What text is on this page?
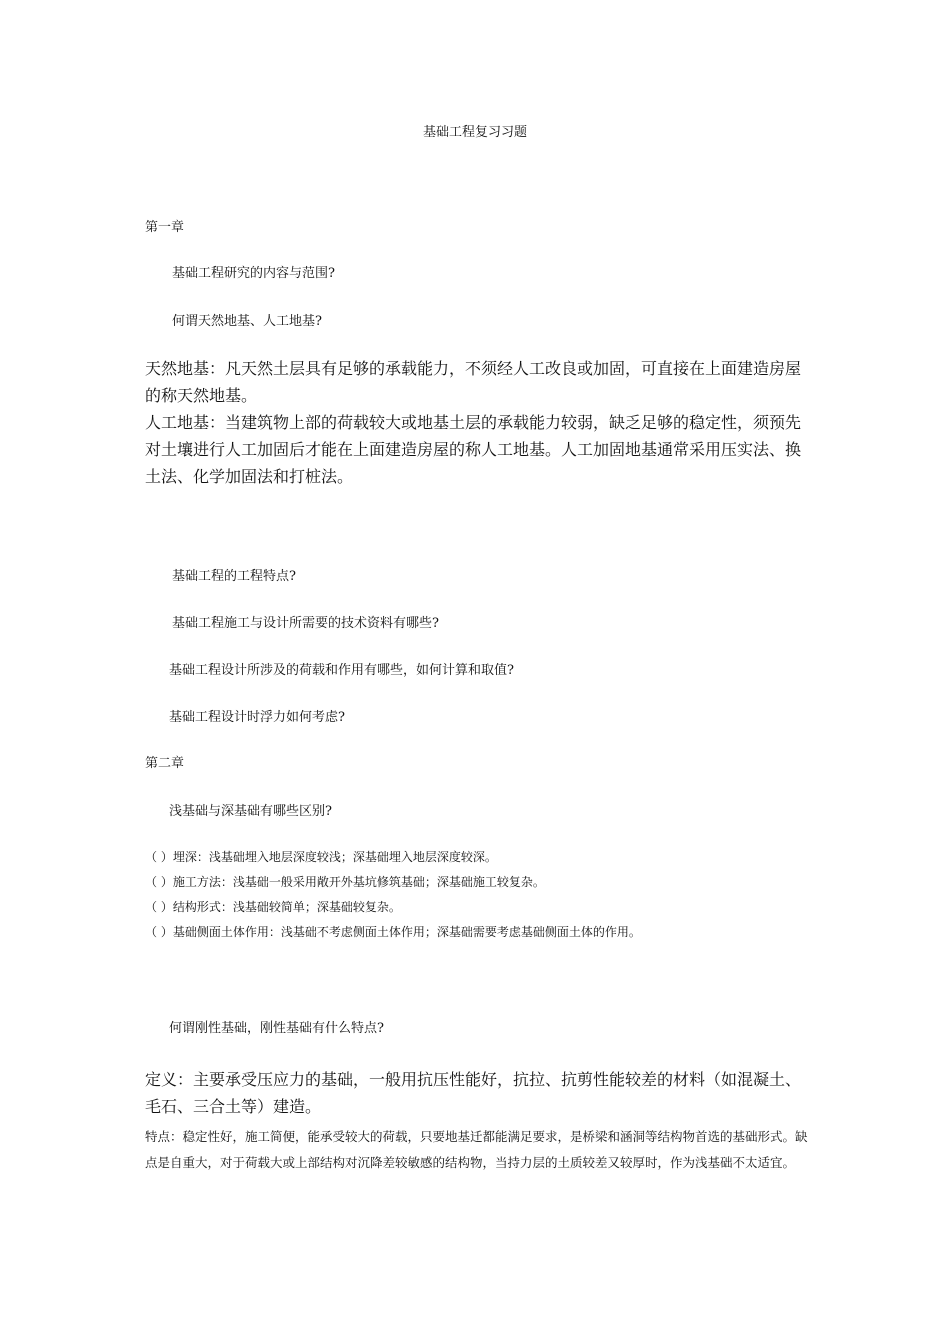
基础工程复习习题

第一章

基础工程研究的内容与范围?

何谓天然地基、人工地基?

天然地基：凡天然土层具有足够的承载能力，不须经人工改良或加固，可直接在上面建造房屋的称天然地基。

人工地基：当建筑物上部的荷载较大或地基土层的承载能力较弱，缺乏足够的稳定性，须预先对土壤进行人工加固后才能在上面建造房屋的称人工地基。人工加固地基通常采用压实法、换土法、化学加固法和打桩法。

基础工程的工程特点?

基础工程施工与设计所需要的技术资料有哪些?

基础工程设计所涉及的荷载和作用有哪些，如何计算和取值?

基础工程设计时浮力如何考虑?

第二章

浅基础与深基础有哪些区别?

（ ）埋深：浅基础埋入地层深度较浅；深基础埋入地层深度较深。

（ ）施工方法：浅基础一般采用敞开外基坑修筑基础；深基础施工较复杂。

（ ）结构形式：浅基础较简单；深基础较复杂。

（ ）基础侧面土体作用：浅基础不考虑侧面土体作用；深基础需要考虑基础侧面土体的作用。

何谓刚性基础，刚性基础有什么特点?

定义：主要承受压应力的基础，一般用抗压性能好，抗拉、抗剪性能较差的材料（如混凝土、毛石、三合土等）建造。

特点：稳定性好，施工简便，能承受较大的荷载，只要地基迁都能满足要求，是桥梁和涵洞等结构物首选的基础形式。缺点是自重大，对于荷载大或上部结构对沉降差较敏感的结构物，当持力层的土质较差又较厚时，作为浅基础不太适宜。
